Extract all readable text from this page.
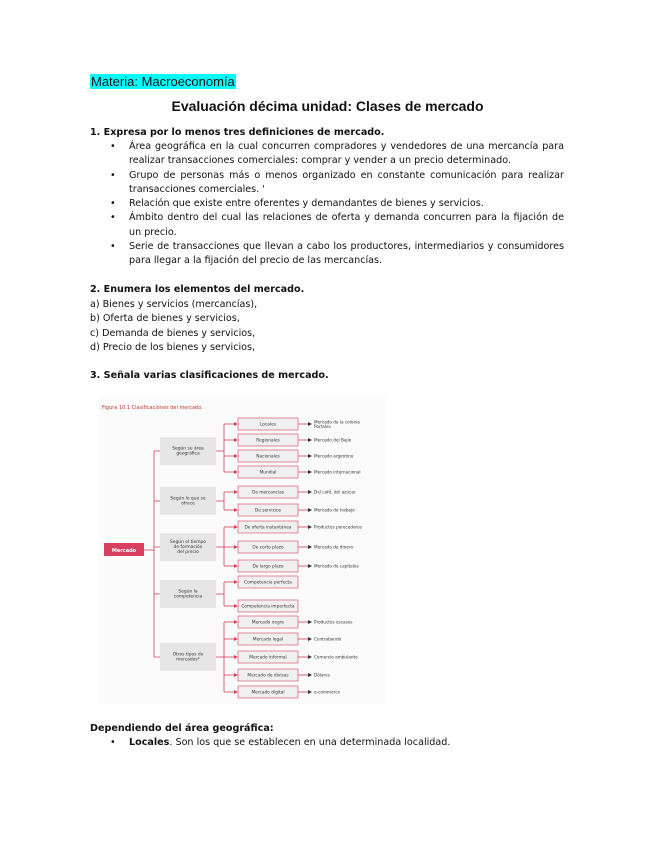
Materia: Macroeconomía
Evaluación décima unidad: Clases de mercado
1. Expresa por lo menos tres definiciones de mercado.
• Área geográfica en la cual concurren compradores y vendedores de una mercancía para realizar transacciones comerciales: comprar y vender a un precio determinado.
• Grupo de personas más o menos organizado en constante comunicación para realizar transacciones comerciales. '
• Relación que existe entre oferentes y demandantes de bienes y servicios.
• Ámbito dentro del cual las relaciones de oferta y demanda concurren para la fijación de un precio.
• Serie de transacciones que llevan a cabo los productores, intermediarios y consumidores para llegar a la fijación del precio de las mercancías.
2. Enumera los elementos del mercado.
a) Bienes y servicios (mercancías),
b) Oferta de bienes y servicios,
c) Demanda de bienes y servicios,
d) Precio de los bienes y servicios,
3. Señala varias clasificaciones de mercado.
Figura 10.1 Clasificaciones del mercado.
Mercado
Según su área geográfica
Locales
Regionales
Nacionales
Mundial
Según lo que se ofrece
De mercancías
De servicios
Según el tiempo de formación del precio
De oferta instantánea
De corto plazo
De largo plazo
Según la competencia
Competencia perfecta
Competencia imperfecta
Otros tipos de mercados*
Mercado negro
Mercado legal
Mercado informal
Mercado de divisas
Mercado digital
Mercado de la colonia Portales
Mercado del Bajío
Mercado argentino
Mercado internacional
Del café, del azúcar
Mercado de trabajo
Productos perecederos
Mercado de dinero
Mercado de capitales
Productos escasos
Contrabando
Comercio ambulante
Dólares
e-commerce
Dependiendo del área geográfica:
• Locales. Son los que se establecen en una determinada localidad.
